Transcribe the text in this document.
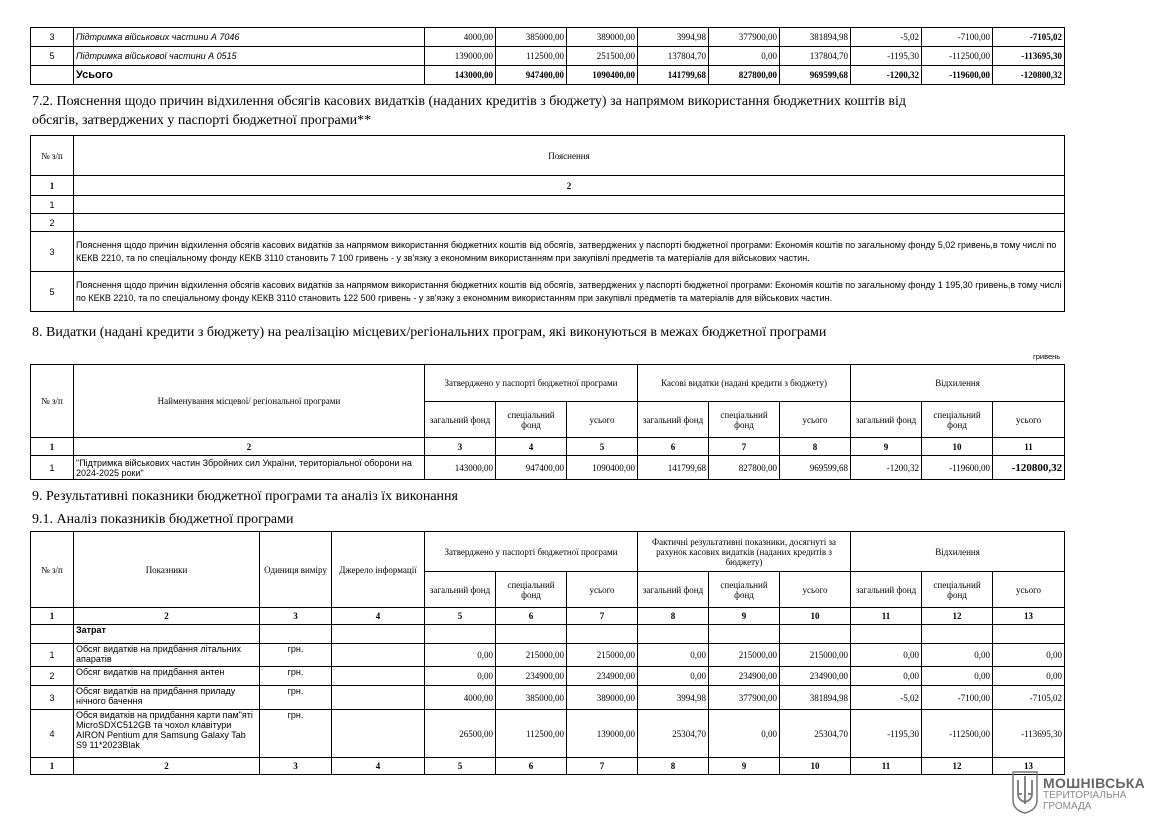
3	Підтримка військових частини А 7046	4000,00	385000,00	389000,00	3994,98	377900,00	381894,98	-5,02	-7100,00	-7105,02
5	Підтримка військової частини А 0515	139000,00	112500,00	251500,00	137804,70	0,00	137804,70	-1195,30	-112500,00	-113695,30
	Усього	143000,00	947400,00	1090400,00	141799,68	827800,00	969599,68	-1200,32	-119600,00	-120800,32
7.2. Пояснення щодо причин відхилення обсягів касових видатків (наданих кредитів з бюджету) за напрямом використання бюджетних коштів від
обсягів, затверджених у паспорті бюджетної програми**
№ з/п	Пояснення
1	2
1	
2	
3	Пояснення щодо причин відхилення обсягів касових видатків за напрямом використання бюджетних коштів від обсягів, затверджених у паспорті бюджетної програми: Економія коштів по загальному фонду 5,02 гривень,в тому числі по КЕКВ 2210, та по спеціальному фонду КЕКВ 3110 становить 7 100 гривень - у зв'язку з економним використанням при закупівлі предметів та матеріалів для військових частин.
5	Пояснення щодо причин відхилення обсягів касових видатків за напрямом використання бюджетних коштів від обсягів, затверджених у паспорті бюджетної програми: Економія коштів по загальному фонду 1 195,30 гривень,в тому числі по КЕКВ 2210, та по спеціальному фонду КЕКВ 3110 становить 122 500 гривень - у зв'язку з економним використанням при закупівлі предметів та матеріалів для військових частин.
8. Видатки (надані кредити з бюджету) на реалізацію місцевих/регіональних програм, які виконуються в межах бюджетної програми
гривень
№ з/п	Найменування місцевої/ регіональної програми	Затверджено у паспорті бюджетної програми			Касові видатки (надані кредити з бюджету)			Відхилення		
		загальний фонд	спеціальний фонд	усього	загальний фонд	спеціальний фонд	усього	загальний фонд	спеціальний фонд	усього
1	2	3	4	5	6	7	8	9	10	11
1	"Підтримка військових частин Збройних сил України, територіальної оборони на 2024-2025 роки"	143000,00	947400,00	1090400,00	141799,68	827800,00	969599,68	-1200,32	-119600,00	-120800,32
9. Результативні показники бюджетної програми та аналіз їх виконання
9.1. Аналіз показників бюджетної програми
№ з/п	Показники	Одиниця виміру	Джерело інформації	Затверджено у паспорті бюджетної програми			Фактичні результативні показники, досягнуті за рахунок касових видатків (наданих кредитів з бюджету)			Відхилення		
				загальний фонд	спеціальний фонд	усього	загальний фонд	спеціальний фонд	усього	загальний фонд	спеціальний фонд	усього
1	2	3	4	5	6	7	8	9	10	11	12	13
	Затрат											
1	Обсяг видатків на придбання літальних апаратів	грн.		0,00	215000,00	215000,00	0,00	215000,00	215000,00	0,00	0,00	0,00
2	Обсяг видатків на придбання антен	грн.		0,00	234900,00	234900,00	0,00	234900,00	234900,00	0,00	0,00	0,00
3	Обсяг видатків на придбання приладу нічного бачення	грн.		4000,00	385000,00	389000,00	3994,98	377900,00	381894,98	-5,02	-7100,00	-7105,02
4	Обся видатків на придбання карти пам"яті MicroSDXC512GB та чохол клавітури AIRON Pentium для Samsung Galaxy Tab S9 11*2023Blak	грн.		26500,00	112500,00	139000,00	25304,70	0,00	25304,70	-1195,30	-112500,00	-113695,30
1	2	3	4	5	6	7	8	9	10	11	12	13
МОШНІВСЬКА
ТЕРИТОРІАЛЬНА
ГРОМАДА
